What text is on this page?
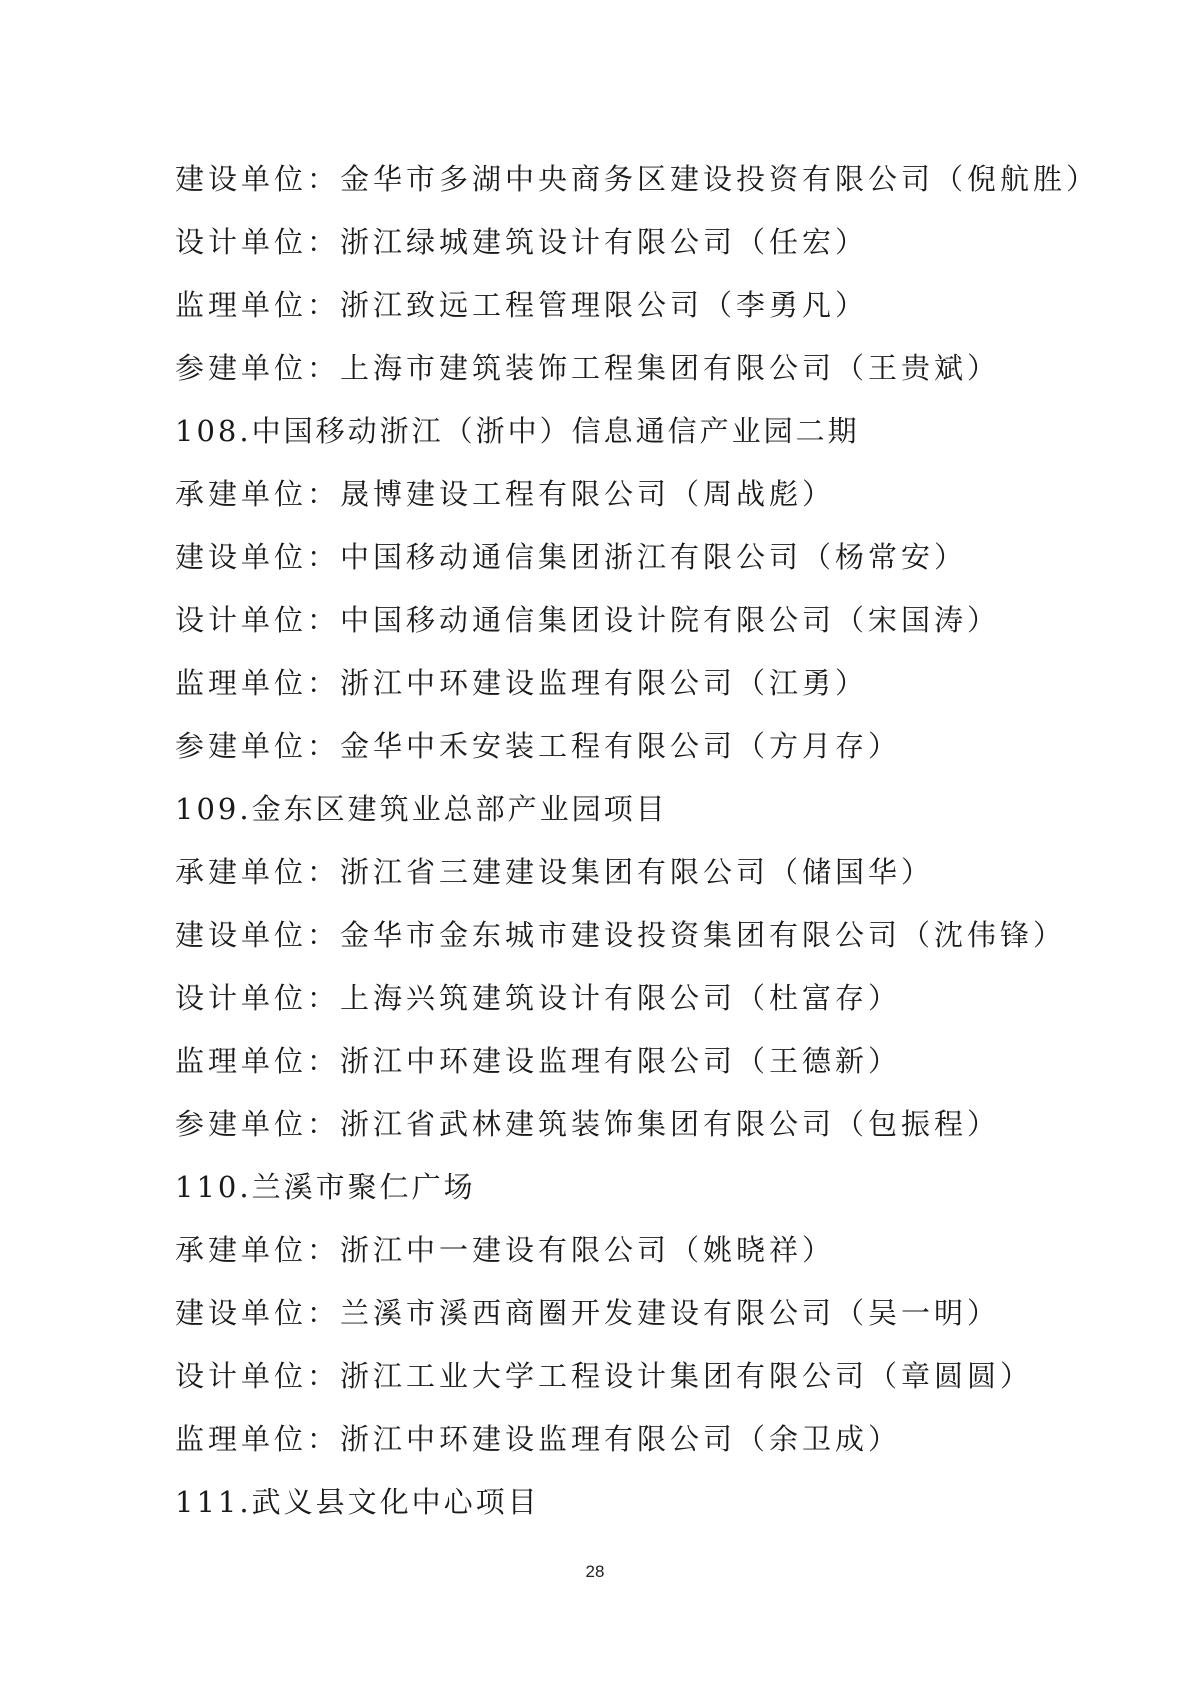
建设单位：金华市多湖中央商务区建设投资有限公司（倪航胜）
设计单位：浙江绿城建筑设计有限公司（任宏）
监理单位：浙江致远工程管理限公司（李勇凡）
参建单位：上海市建筑装饰工程集团有限公司（王贵斌）
108.中国移动浙江（浙中）信息通信产业园二期
承建单位：晟博建设工程有限公司（周战彪）
建设单位：中国移动通信集团浙江有限公司（杨常安）
设计单位：中国移动通信集团设计院有限公司（宋国涛）
监理单位：浙江中环建设监理有限公司（江勇）
参建单位：金华中禾安装工程有限公司（方月存）
109.金东区建筑业总部产业园项目
承建单位：浙江省三建建设集团有限公司（储国华）
建设单位：金华市金东城市建设投资集团有限公司（沈伟锋）
设计单位：上海兴筑建筑设计有限公司（杜富存）
监理单位：浙江中环建设监理有限公司（王德新）
参建单位：浙江省武林建筑装饰集团有限公司（包振程）
110.兰溪市聚仁广场
承建单位：浙江中一建设有限公司（姚晓祥）
建设单位：兰溪市溪西商圈开发建设有限公司（吴一明）
设计单位：浙江工业大学工程设计集团有限公司（章圆圆）
监理单位：浙江中环建设监理有限公司（余卫成）
111.武义县文化中心项目
28
